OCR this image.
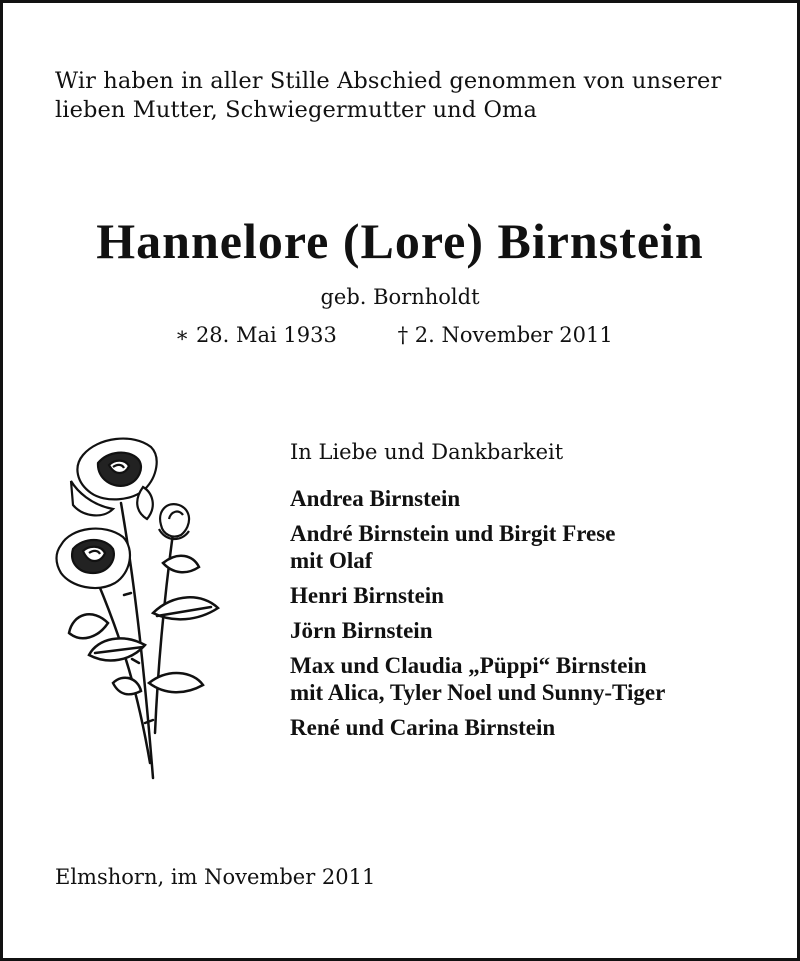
Wir haben in aller Stille Abschied genommen von unserer
lieben Mutter, Schwiegermutter und Oma
Hannelore (Lore) Birnstein
geb. Bornholdt
∗ 28. Mai 1933	† 2. November 2011
In Liebe und Dankbarkeit
Andrea Birnstein
André Birnstein und Birgit Frese
mit Olaf
Henri Birnstein
Jörn Birnstein
Max und Claudia „Püppi“ Birnstein
mit Alica, Tyler Noel und Sunny-Tiger
René und Carina Birnstein
Elmshorn, im November 2011
